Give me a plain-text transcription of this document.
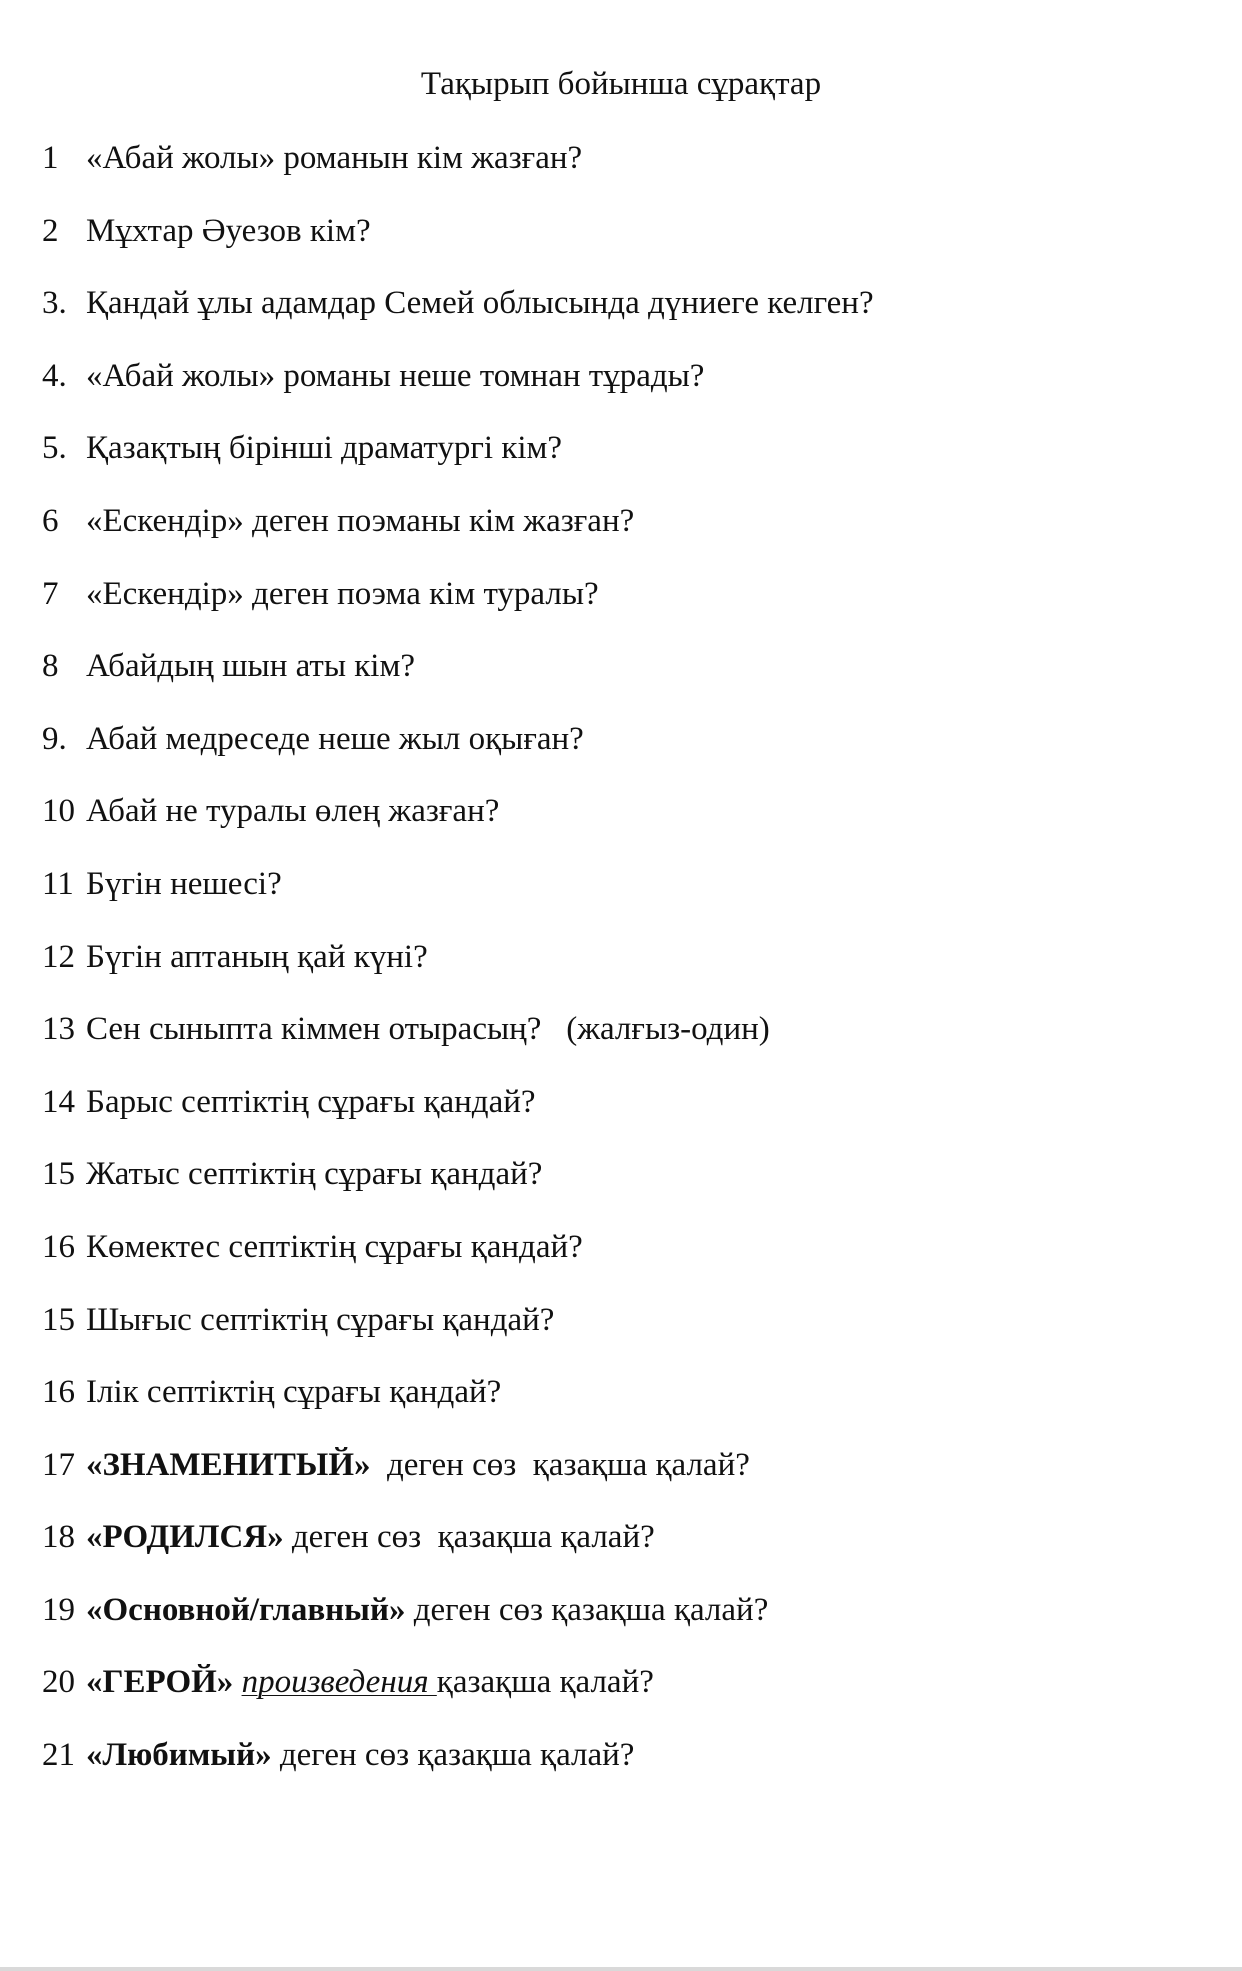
Тақырып бойынша сұрақтар
1 «Абай жолы» романын кім жазған?
2 Мұхтар Әуезов кім?
3. Қандай ұлы адамдар Семей облысында дүниеге келген?
4. «Абай жолы» романы неше томнан тұрады?
5. Қазақтың бірінші драматургі кім?
6 «Ескендір» деген поэманы кім жазған?
7 «Ескендір» деген поэма кім туралы?
8 Абайдың шын аты кім?
9. Абай медреседе неше жыл оқыған?
10 Абай не туралы өлең жазған?
11 Бүгін нешесі?
12 Бүгін аптаның қай күні?
13 Сен сыныпта кіммен отырасың?   (жалғыз-один)
14 Барыс септіктің сұрағы қандай?
15 Жатыс септіктің сұрағы қандай?
16 Көмектес септіктің сұрағы қандай?
15 Шығыс септіктің сұрағы қандай?
16 Ілік септіктің сұрағы қандай?
17 «ЗНАМЕНИТЫЙ»  деген сөз  қазақша қалай?
18 «РОДИЛСЯ» деген сөз  қазақша қалай?
19 «Основной/главный» деген сөз қазақша қалай?
20 «ГЕРОЙ» произведения қазақша қалай?
21 «Любимый» деген сөз қазақша қалай?
